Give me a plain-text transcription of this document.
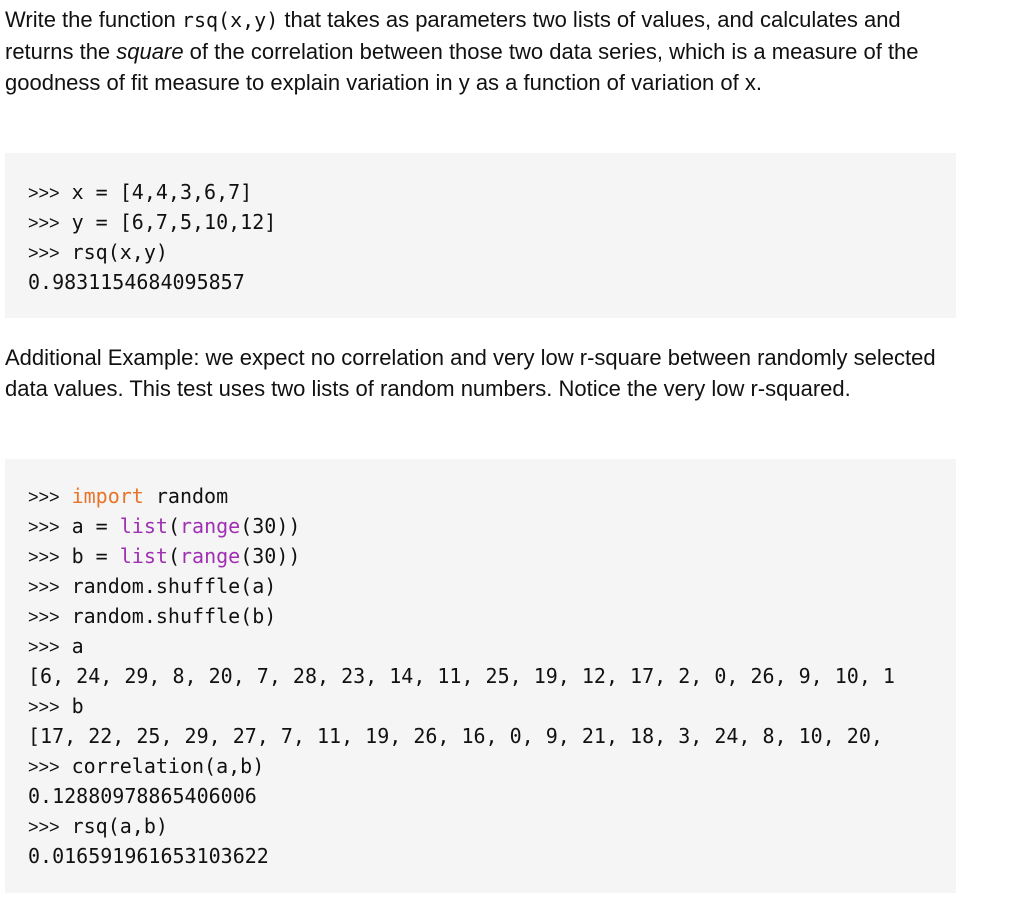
Write the function rsq(x,y) that takes as parameters two lists of values, and calculates and returns the square of the correlation between those two data series, which is a measure of the goodness of fit measure to explain variation in y as a function of variation of x.

>>> x = [4,4,3,6,7]
>>> y = [6,7,5,10,12]
>>> rsq(x,y)
0.9831154684095857

Additional Example: we expect no correlation and very low r-square between randomly selected data values. This test uses two lists of random numbers. Notice the very low r-squared.

>>> import random
>>> a = list(range(30))
>>> b = list(range(30))
>>> random.shuffle(a)
>>> random.shuffle(b)
>>> a
[6, 24, 29, 8, 20, 7, 28, 23, 14, 11, 25, 19, 12, 17, 2, 0, 26, 9, 10, 1
>>> b
[17, 22, 25, 29, 27, 7, 11, 19, 26, 16, 0, 9, 21, 18, 3, 24, 8, 10, 20,
>>> correlation(a,b)
0.12880978865406006
>>> rsq(a,b)
0.016591961653103622
